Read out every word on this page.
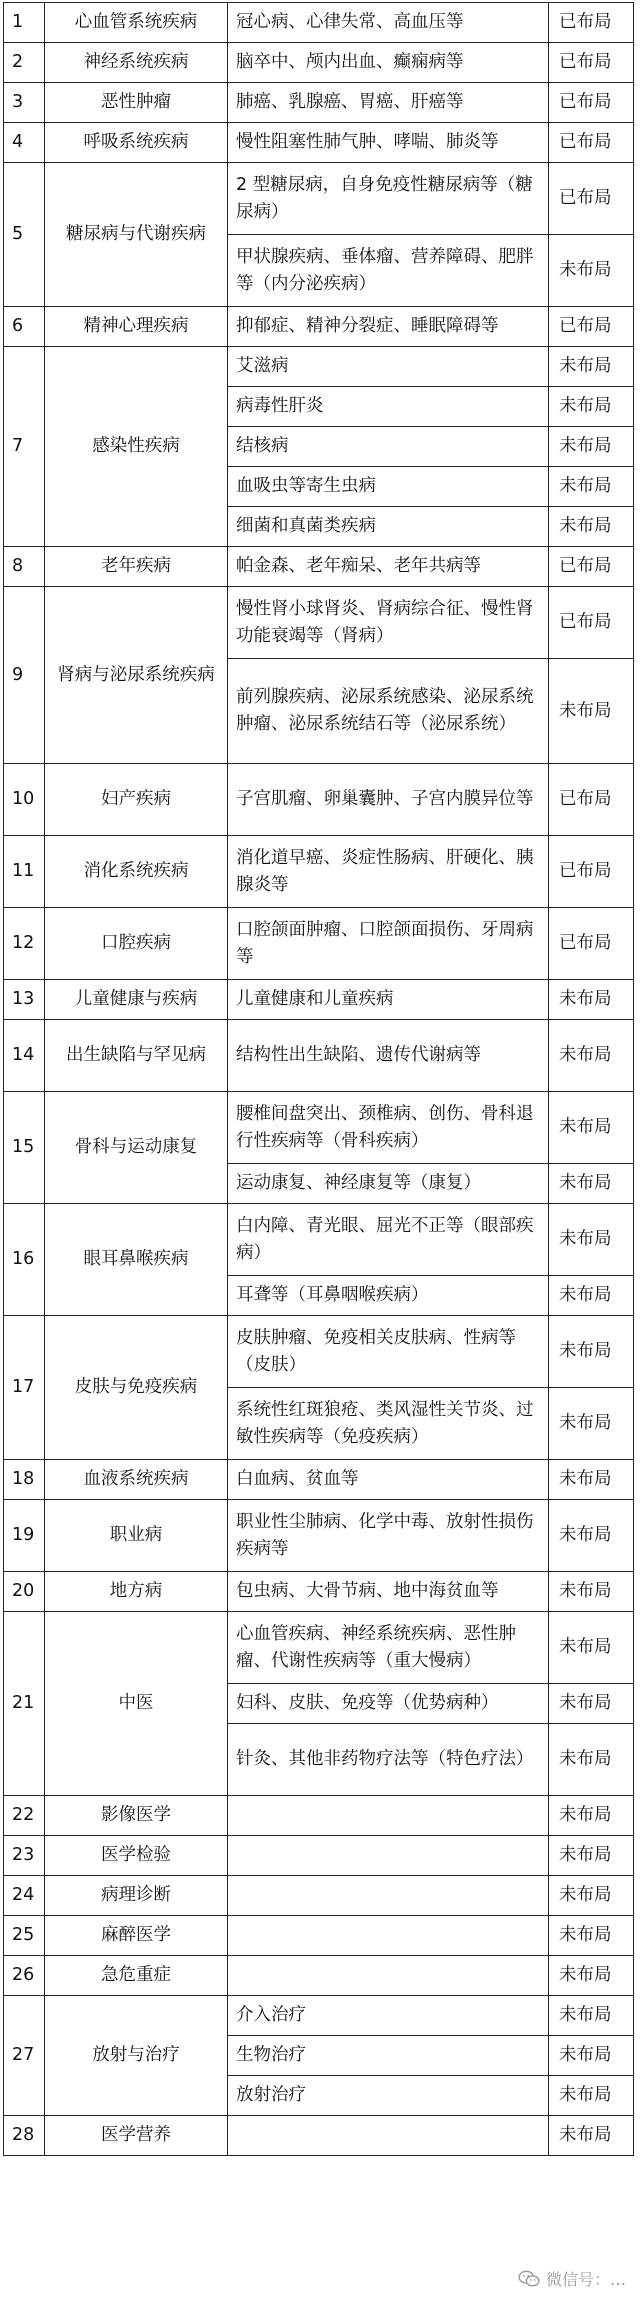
1	心血管系统疾病	冠心病、心律失常、高血压等	已布局
2	神经系统疾病	脑卒中、颅内出血、癫痫病等	已布局
3	恶性肿瘤	肺癌、乳腺癌、胃癌、肝癌等	已布局
4	呼吸系统疾病	慢性阻塞性肺气肿、哮喘、肺炎等	已布局
5	糖尿病与代谢疾病	2 型糖尿病，自身免疫性糖尿病等（糖尿病）	已布局
		甲状腺疾病、垂体瘤、营养障碍、肥胖等（内分泌疾病）	未布局
6	精神心理疾病	抑郁症、精神分裂症、睡眠障碍等	已布局
7	感染性疾病	艾滋病	未布局
		病毒性肝炎	未布局
		结核病	未布局
		血吸虫等寄生虫病	未布局
		细菌和真菌类疾病	未布局
8	老年疾病	帕金森、老年痴呆、老年共病等	已布局
9	肾病与泌尿系统疾病	慢性肾小球肾炎、肾病综合征、慢性肾功能衰竭等（肾病）	已布局
		前列腺疾病、泌尿系统感染、泌尿系统肿瘤、泌尿系统结石等（泌尿系统）	未布局
10	妇产疾病	子宫肌瘤、卵巢囊肿、子宫内膜异位等	已布局
11	消化系统疾病	消化道早癌、炎症性肠病、肝硬化、胰腺炎等	已布局
12	口腔疾病	口腔颌面肿瘤、口腔颌面损伤、牙周病等	已布局
13	儿童健康与疾病	儿童健康和儿童疾病	未布局
14	出生缺陷与罕见病	结构性出生缺陷、遗传代谢病等	未布局
15	骨科与运动康复	腰椎间盘突出、颈椎病、创伤、骨科退行性疾病等（骨科疾病）	未布局
		运动康复、神经康复等（康复）	未布局
16	眼耳鼻喉疾病	白内障、青光眼、屈光不正等（眼部疾病）	未布局
		耳聋等（耳鼻咽喉疾病）	未布局
17	皮肤与免疫疾病	皮肤肿瘤、免疫相关皮肤病、性病等（皮肤）	未布局
		系统性红斑狼疮、类风湿性关节炎、过敏性疾病等（免疫疾病）	未布局
18	血液系统疾病	白血病、贫血等	未布局
19	职业病	职业性尘肺病、化学中毒、放射性损伤疾病等	未布局
20	地方病	包虫病、大骨节病、地中海贫血等	未布局
21	中医	心血管疾病、神经系统疾病、恶性肿瘤、代谢性疾病等（重大慢病）	未布局
		妇科、皮肤、免疫等（优势病种）	未布局
		针灸、其他非药物疗法等（特色疗法）	未布局
22	影像医学		未布局
23	医学检验		未布局
24	病理诊断		未布局
25	麻醉医学		未布局
26	急危重症		未布局
27	放射与治疗	介入治疗	未布局
		生物治疗	未布局
		放射治疗	未布局
28	医学营养		未布局
微信号：…
